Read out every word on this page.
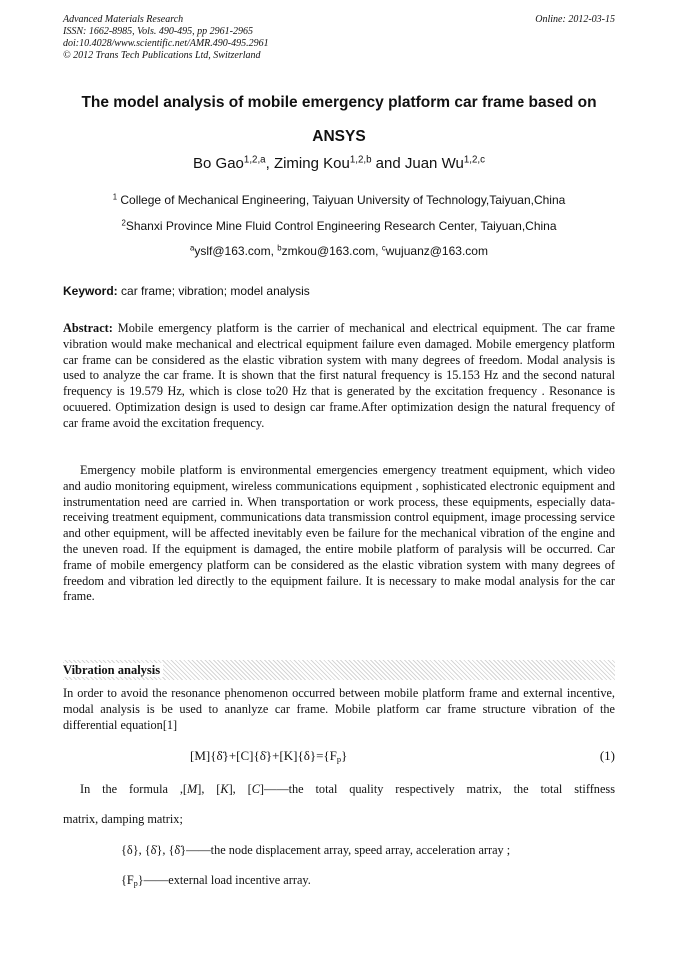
Advanced Materials Research
ISSN: 1662-8985, Vols. 490-495, pp 2961-2965
doi:10.4028/www.scientific.net/AMR.490-495.2961
© 2012 Trans Tech Publications Ltd, Switzerland
Online: 2012-03-15
The model analysis of mobile emergency platform car frame based on
ANSYS
Bo Gao$^{1,2,a}$, Ziming Kou$^{1,2,b}$ and Juan Wu$^{1,2,c}$
$^1$ College of Mechanical Engineering, Taiyuan University of Technology,Taiyuan,China
$^2$Shanxi Province Mine Fluid Control Engineering Research Center, Taiyuan,China
$^a$yslf@163.com, $^b$zmkou@163.com, $^c$wujuanz@163.com
Keyword: car frame; vibration; model analysis
Abstract: Mobile emergency platform is the carrier of mechanical and electrical equipment. The car frame vibration would make mechanical and electrical equipment failure even damaged. Mobile emergency platform car frame can be considered as the elastic vibration system with many degrees of freedom. Modal analysis is used to analyze the car frame. It is shown that the first natural frequency is 15.153 Hz and the second natural frequency is 19.579 Hz, which is close to20 Hz that is generated by the excitation frequency . Resonance is ocuuered. Optimization design is used to design car frame.After optimization design the natural frequency of car frame avoid the excitation frequency.
Emergency mobile platform is environmental emergencies emergency treatment equipment, which video and audio monitoring equipment, wireless communications equipment , sophisticated electronic equipment and instrumentation need are carried in. When transportation or work process, these equipments, especially data-receiving treatment equipment, communications data transmission control equipment, image processing service and other equipment, will be affected inevitably even be failure for the mechanical vibration of the engine and the uneven road. If the equipment is damaged, the entire mobile platform of paralysis will be occurred. Car frame of mobile emergency platform can be considered as the elastic vibration system with many degrees of freedom and vibration led directly to the equipment failure. It is necessary to make modal analysis for the car frame.
Vibration analysis
In order to avoid the resonance phenomenon occurred between mobile platform frame and external incentive, modal analysis is be used to ananlyze car frame. Mobile platform car frame structure vibration of the differential equation[1]
$[M]\{\deltä\}+[C]\{\deltȧ\}+[K]\{\delta\}=\{F_p\}$	(1)
In the formula ,[M], [K], [C]——the total quality respectively matrix, the total stiffness
matrix, damping matrix;
{δ}, {δ̇}, {δ̈}——the node displacement array, speed array, acceleration array ;
$\{F_p\}——external$ load incentive array.
